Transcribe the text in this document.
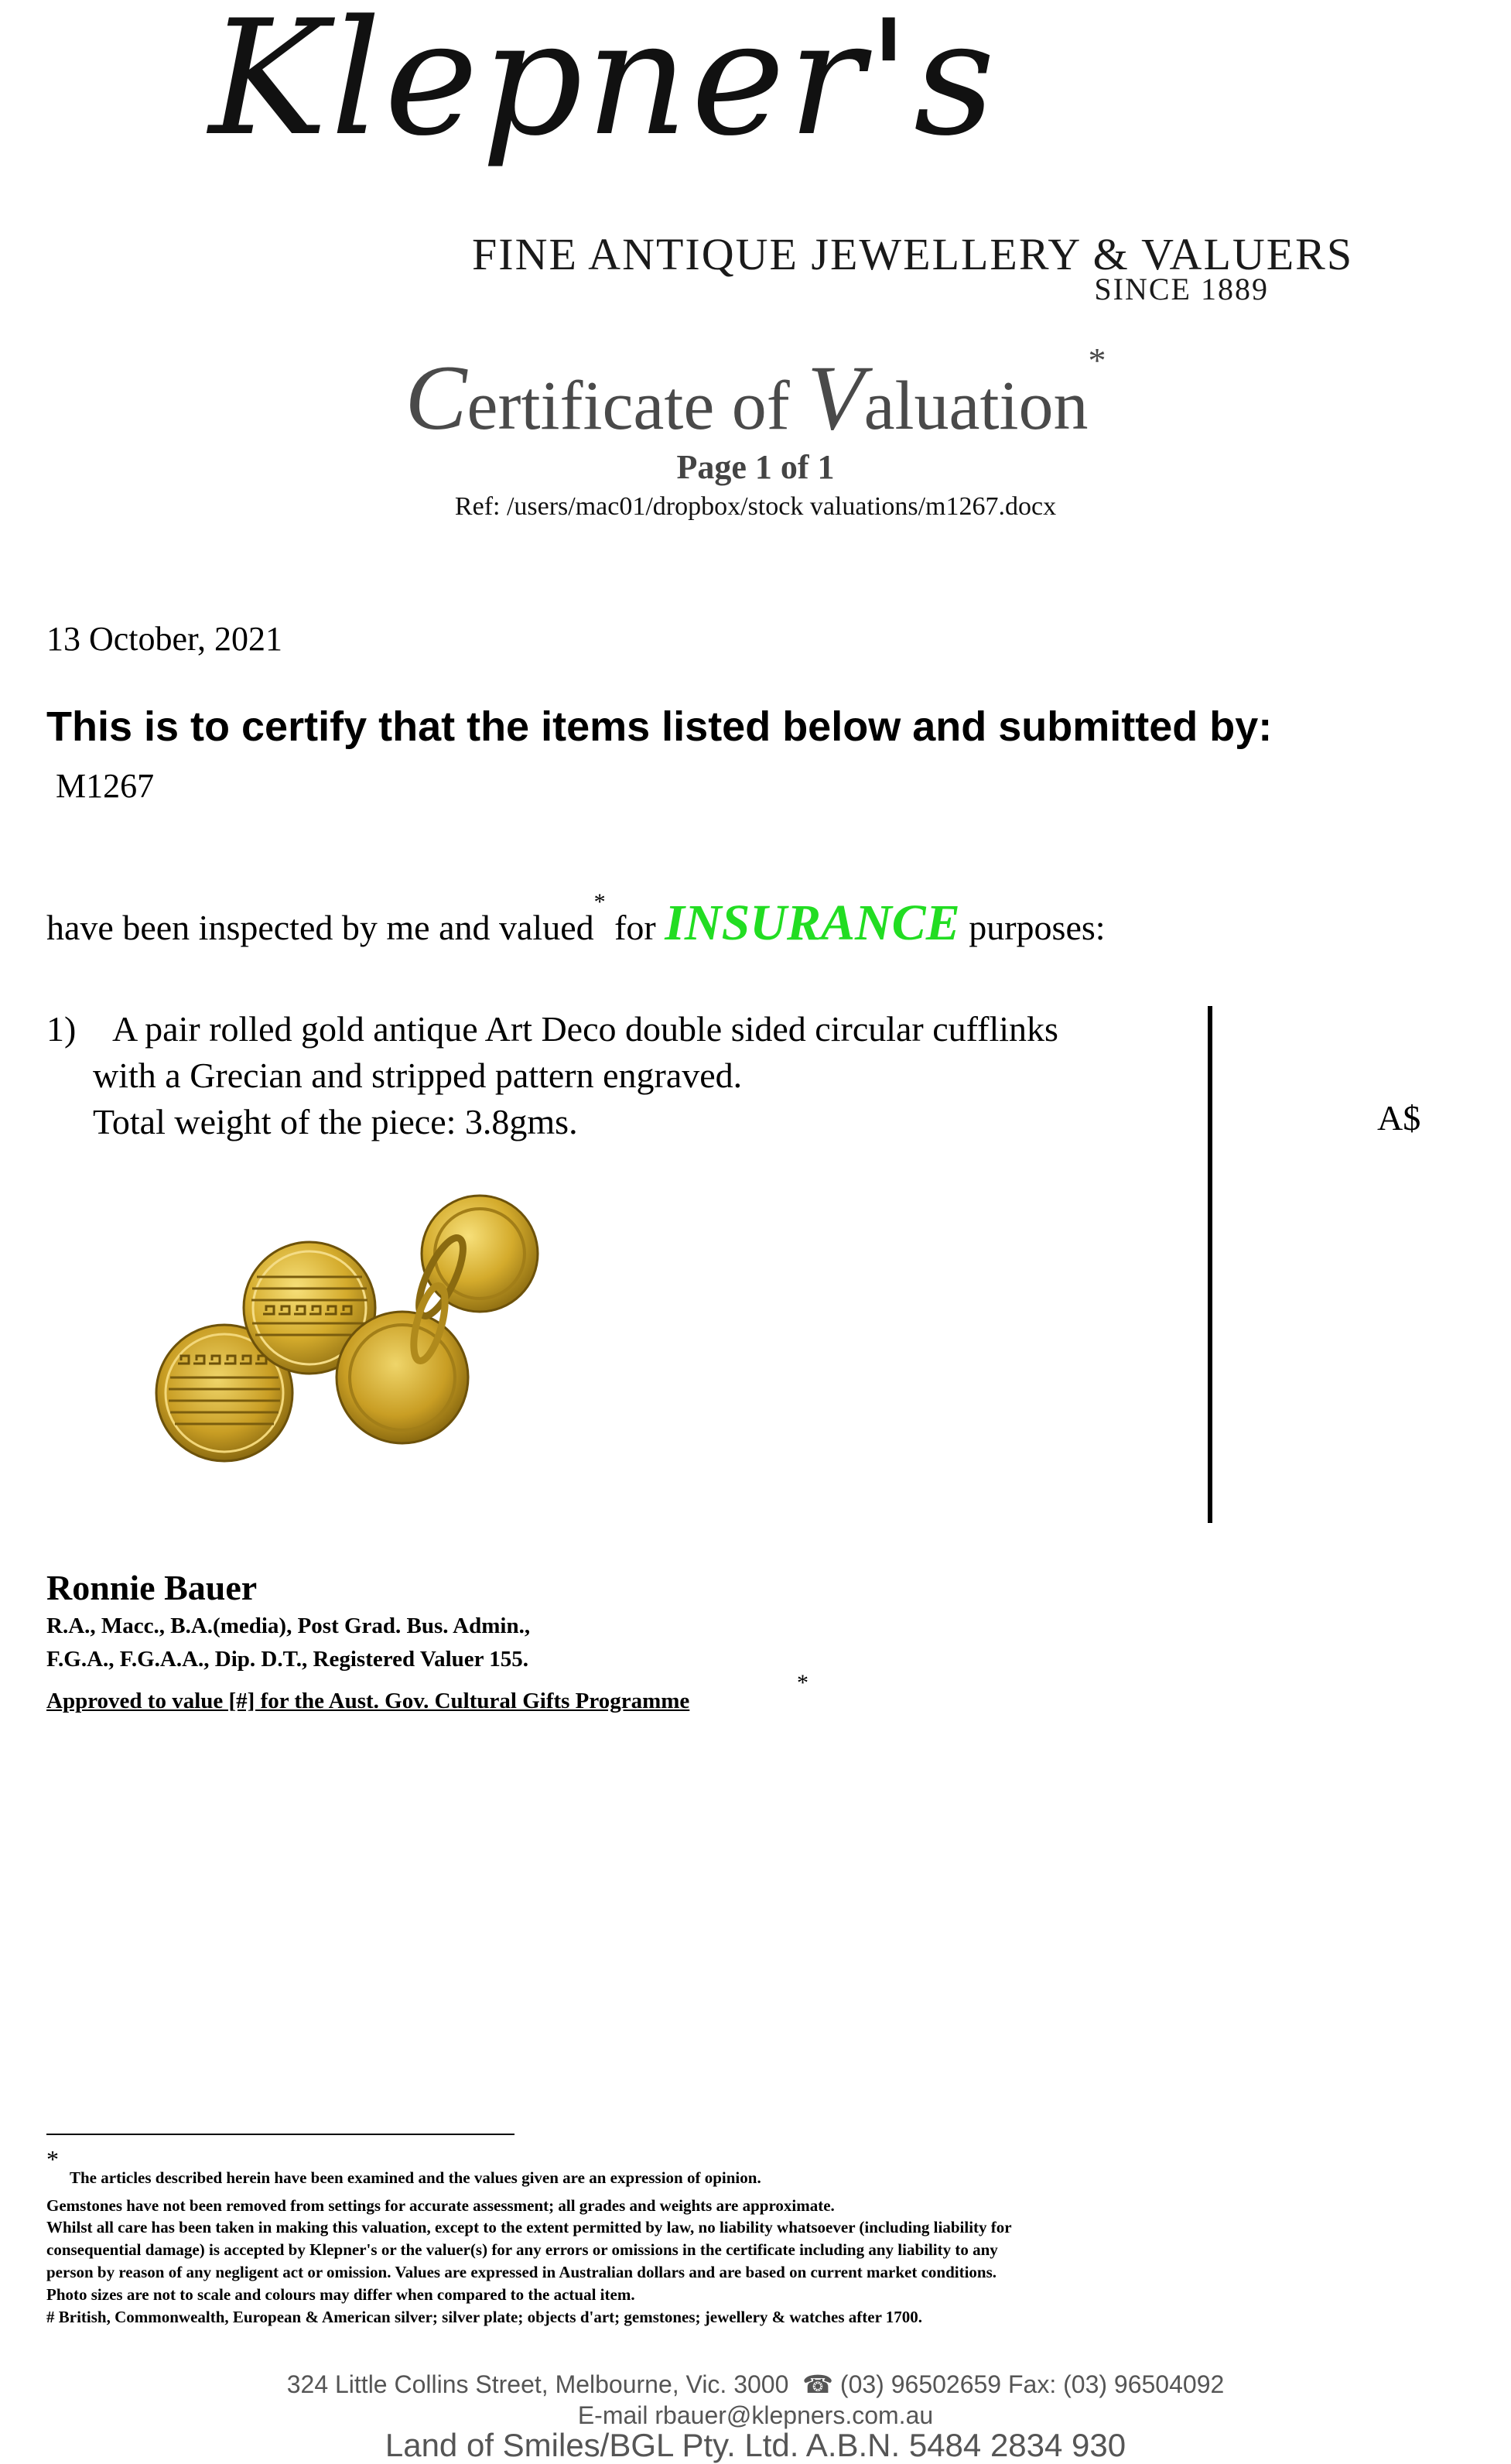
Klepner's
FINE ANTIQUE JEWELLERY & VALUERS
SINCE 1889
Certificate of Valuation*
Page 1 of 1
Ref: /users/mac01/dropbox/stock valuations/m1267.docx
13 October, 2021
This is to certify that the items listed below and submitted by:
M1267
have been inspected by me and valued* for INSURANCE purposes:
1) A pair rolled gold antique Art Deco double sided circular cufflinks
with a Grecian and stripped pattern engraved.
Total weight of the piece: 3.8gms.	A$
Ronnie Bauer
R.A., Macc., B.A.(media), Post Grad. Bus. Admin.,
F.G.A., F.G.A.A., Dip. D.T., Registered Valuer 155.
Approved to value [#] for the Aust. Gov. Cultural Gifts Programme
*
*
The articles described herein have been examined and the values given are an expression of opinion.
Gemstones have not been removed from settings for accurate assessment; all grades and weights are approximate.
Whilst all care has been taken in making this valuation, except to the extent permitted by law, no liability whatsoever (including liability for
consequential damage) is accepted by Klepner's or the valuer(s) for any errors or omissions in the certificate including any liability to any
person by reason of any negligent act or omission. Values are expressed in Australian dollars and are based on current market conditions.
Photo sizes are not to scale and colours may differ when compared to the actual item.
# British, Commonwealth, European & American silver; silver plate; objects d'art; gemstones; jewellery & watches after 1700.
324 Little Collins Street, Melbourne, Vic. 3000 ☎ (03) 96502659 Fax: (03) 96504092
E-mail rbauer@klepners.com.au
Land of Smiles/BGL Pty. Ltd. A.B.N. 5484 2834 930
